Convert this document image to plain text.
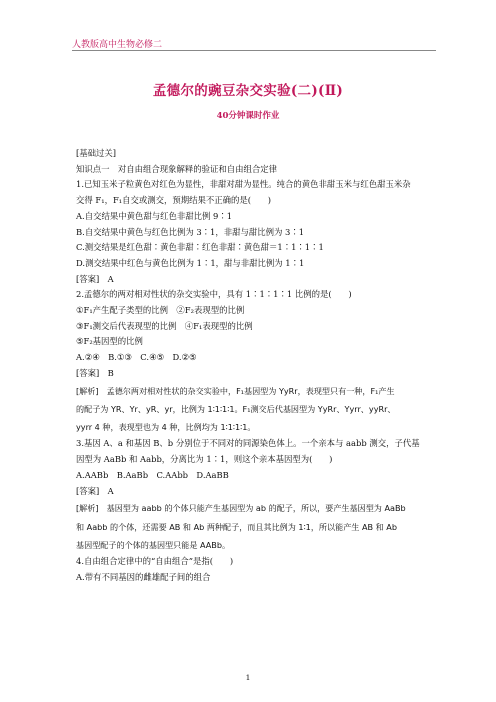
人教版高中生物必修二
孟德尔的豌豆杂交实验(二)(Ⅱ)
40分钟课时作业

[基础过关]

知识点一　对自由组合现象解释的验证和自由组合定律

1.已知玉米子粒黄色对红色为显性，非甜对甜为显性。纯合的黄色非甜玉米与红色甜玉米杂

交得 F₁，F₁自交或测交，预期结果不正确的是(　　)

A.自交结果中黄色甜与红色非甜比例 9∶1

B.自交结果中黄色与红色比例为 3∶1，非甜与甜比例为 3∶1

C.测交结果是红色甜∶黄色非甜∶红色非甜∶黄色甜＝1∶1∶1∶1

D.测交结果中红色与黄色比例为 1∶1，甜与非甜比例为 1∶1

[答案]　A

2.孟德尔的两对相对性状的杂交实验中，具有 1∶1∶1∶1 比例的是(　　)

①F₁产生配子类型的比例　②F₂表现型的比例

③F₁测交后代表现型的比例　④F₁表现型的比例

⑤F₂基因型的比例

A.②④　B.①③　C.④⑤　D.②⑤

[答案]　B

[解析]　孟德尔两对相对性状的杂交实验中，F₁基因型为 YyRr，表现型只有一种，F₁产生

的配子为 YR、Yr、yR、yr，比例为 1∶1∶1∶1。F₁测交后代基因型为 YyRr、Yyrr、yyRr、

yyrr 4 种，表现型也为 4 种，比例均为 1∶1∶1∶1。

3.基因 A、a 和基因 B、b 分别位于不同对的同源染色体上。一个亲本与 aabb 测交，子代基

因型为 AaBb 和 Aabb，分离比为 1∶1，则这个亲本基因型为(　　)

A.AABb　B.AaBb　C.AAbb　D.AaBB

[答案]　A

[解析]　基因型为 aabb 的个体只能产生基因型为 ab 的配子，所以，要产生基因型为 AaBb

和 Aabb 的个体，还需要 AB 和 Ab 两种配子，而且其比例为 1∶1，所以能产生 AB 和 Ab

基因型配子的个体的基因型只能是 AABb。

4.自由组合定律中的“自由组合”是指(　　)

A.带有不同基因的雌雄配子间的组合

1
